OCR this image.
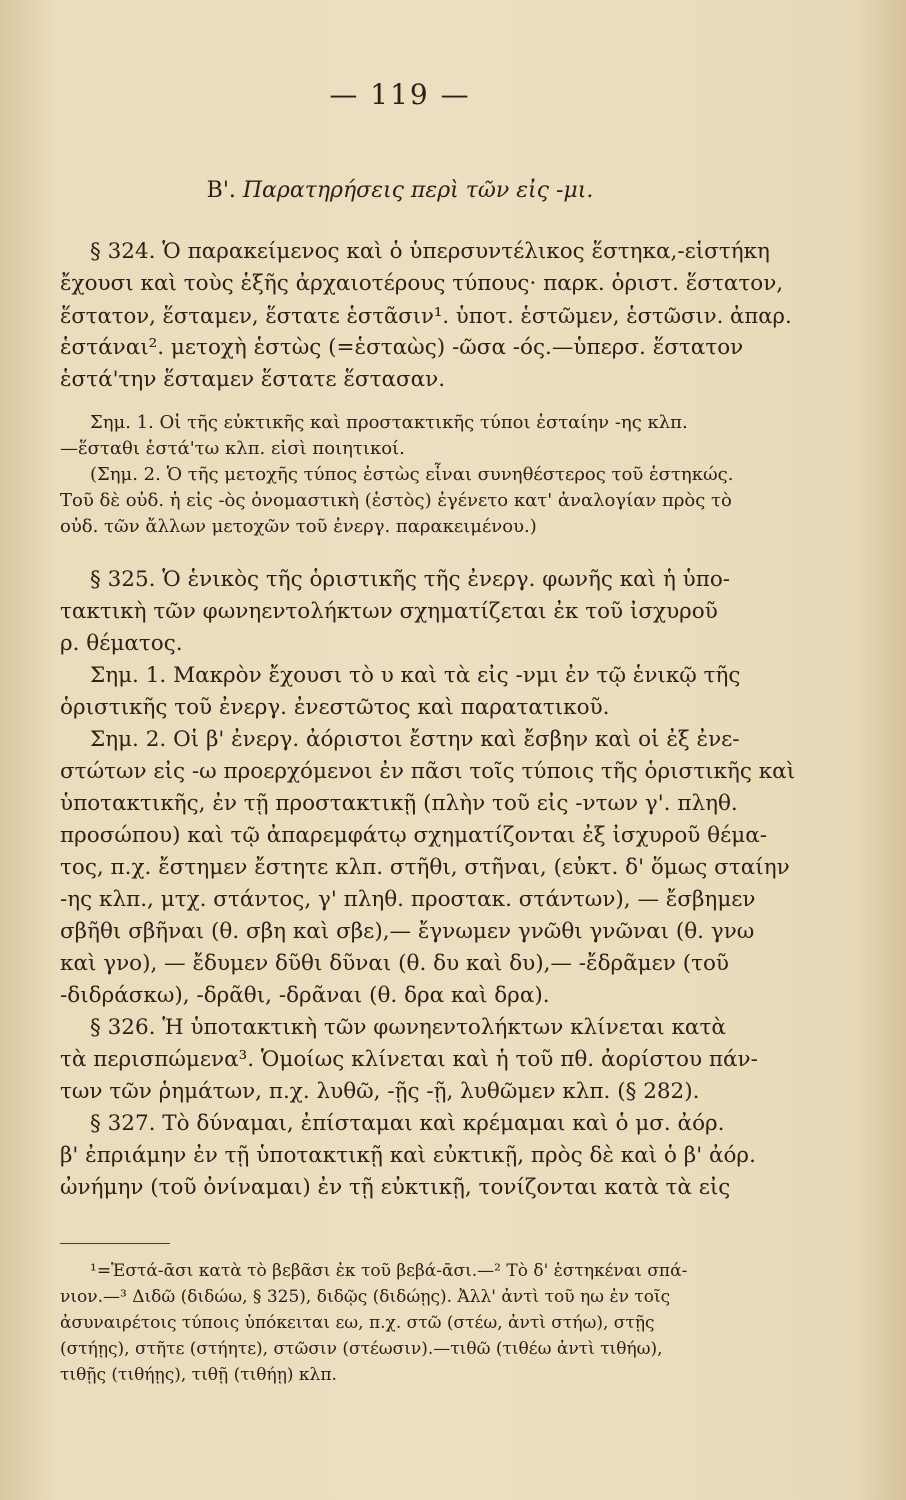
— 119 —
Β'. Παρατηρήσεις περὶ τῶν εἰς -μι.
§ 324. Ὁ παρακείμενος καὶ ὁ ὑπερσυντέλικος ἕστηκα,-εἱστήκη
ἔχουσι καὶ τοὺς ἑξῆς ἀρχαιοτέρους τύπους· παρκ. ὁριστ. ἕστατον,
ἕστατον, ἕσταμεν, ἕστατε ἑστᾶσιν¹. ὑποτ. ἑστῶμεν, ἑστῶσιν. ἀπαρ.
ἑστάναι². μετοχὴ ἑστὼς (=ἑσταὼς) -ῶσα -ός.—ὑπερσ. ἕστατον
ἑστά'την ἕσταμεν ἕστατε ἕστασαν.
Σημ. 1. Οἱ τῆς εὐκτικῆς καὶ προστακτικῆς τύποι ἑσταίην -ης κλπ.
—ἕσταθι ἑστά'τω κλπ. εἰσὶ ποιητικοί.
(Σημ. 2. Ὁ τῆς μετοχῆς τύπος ἑστὼς εἶναι συνηθέστερος τοῦ ἑστηκώς.
Τοῦ δὲ οὐδ. ἡ εἰς -ὸς ὀνομαστικὴ (ἑστὸς) ἐγένετο κατ' ἀναλογίαν πρὸς τὸ
οὐδ. τῶν ἄλλων μετοχῶν τοῦ ἐνεργ. παρακειμένου.)
§ 325. Ὁ ἑνικὸς τῆς ὁριστικῆς τῆς ἐνεργ. φωνῆς καὶ ἡ ὑπο-
τακτικὴ τῶν φωνηεντολήκτων σχηματίζεται ἐκ τοῦ ἰσχυροῦ
ρ. θέματος.
Σημ. 1. Μακρὸν ἔχουσι τὸ υ καὶ τὰ εἰς -νμι ἐν τῷ ἑνικῷ τῆς
ὁριστικῆς τοῦ ἐνεργ. ἐνεστῶτος καὶ παρατατικοῦ.
Σημ. 2. Οἱ β' ἐνεργ. ἀόριστοι ἔστην καὶ ἔσβην καὶ οἱ ἐξ ἐνε-
στώτων εἰς -ω προερχόμενοι ἐν πᾶσι τοῖς τύποις τῆς ὁριστικῆς καὶ
ὑποτακτικῆς, ἐν τῇ προστακτικῇ (πλὴν τοῦ εἰς -ντων γ'. πληθ.
προσώπου) καὶ τῷ ἀπαρεμφάτῳ σχηματίζονται ἐξ ἰσχυροῦ θέμα-
τος, π.χ. ἔστημεν ἔστητε κλπ. στῆθι, στῆναι, (εὐκτ. δ' ὅμως σταίην
-ης κλπ., μτχ. στάντος, γ' πληθ. προστακ. στάντων), — ἔσβημεν
σβῆθι σβῆναι (θ. σβη καὶ σβε),— ἔγνωμεν γνῶθι γνῶναι (θ. γνω
καὶ γνο), — ἔδυμεν δῦθι δῦναι (θ. δυ καὶ δυ),— -ἔδρᾶμεν (τοῦ
-διδράσκω), -δρᾶθι, -δρᾶναι (θ. δρα καὶ δρα).
§ 326. Ἡ ὑποτακτικὴ τῶν φωνηεντολήκτων κλίνεται κατὰ
τὰ περισπώμενα³. Ὁμοίως κλίνεται καὶ ἡ τοῦ πθ. ἀορίστου πάν-
των τῶν ῥημάτων, π.χ. λυθῶ, -ῇς -ῇ, λυθῶμεν κλπ. (§ 282).
§ 327. Τὸ δύναμαι, ἐπίσταμαι καὶ κρέμαμαι καὶ ὁ μσ. ἀόρ.
β' ἐπριάμην ἐν τῇ ὑποτακτικῇ καὶ εὐκτικῇ, πρὸς δὲ καὶ ὁ β' ἀόρ.
ὠνήμην (τοῦ ὀνίναμαι) ἐν τῇ εὐκτικῇ, τονίζονται κατὰ τὰ εἰς
¹=Ἑστά-ᾱσι κατὰ τὸ βεβᾶσι ἐκ τοῦ βεβά-ᾱσι.—² Τὸ δ' ἑστηκέναι σπά-
νιον.—³ Διδῶ (διδώω, § 325), διδῷς (διδώῃς). Ἀλλ' ἀντὶ τοῦ ηω ἐν τοῖς
ἀσυναιρέτοις τύποις ὑπόκειται εω, π.χ. στῶ (στέω, ἀντὶ στήω), στῇς
(στήῃς), στῆτε (στήητε), στῶσιν (στέωσιν).—τιθῶ (τιθέω ἀντὶ τιθήω),
τιθῇς (τιθήῃς), τιθῇ (τιθήῃ) κλπ.
